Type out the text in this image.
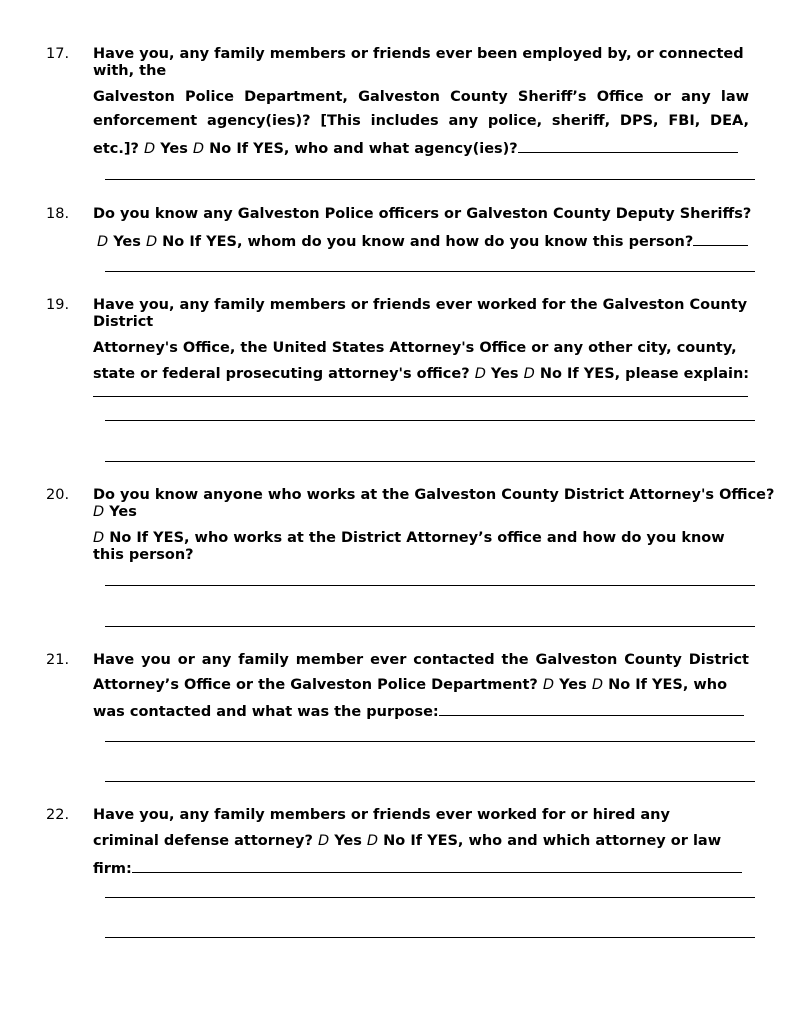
17. Have you, any family members or friends ever been employed by, or connected with, the
Galveston Police Department, Galveston County Sheriff’s Office or any law
enforcement agency(ies)? [This includes any police, sheriff, DPS, FBI, DEA,
etc.]? D Yes D No If YES, who and what agency(ies)?
18. Do you know any Galveston Police officers or Galveston County Deputy Sheriffs?
D Yes D No If YES, whom do you know and how do you know this person?
19. Have you, any family members or friends ever worked for the Galveston County District
Attorney's Office, the United States Attorney's Office or any other city, county,
state or federal prosecuting attorney's office? D Yes D No If YES, please explain:
20. Do you know anyone who works at the Galveston County District Attorney's Office?
D Yes
D No If YES, who works at the District Attorney’s office and how do you know this person?
21. Have you or any family member ever contacted the Galveston County District
Attorney’s Office or the Galveston Police Department? D Yes D No If YES, who
was contacted and what was the purpose:
22. Have you, any family members or friends ever worked for or hired any
criminal defense attorney? D Yes D No If YES, who and which attorney or law
firm:
